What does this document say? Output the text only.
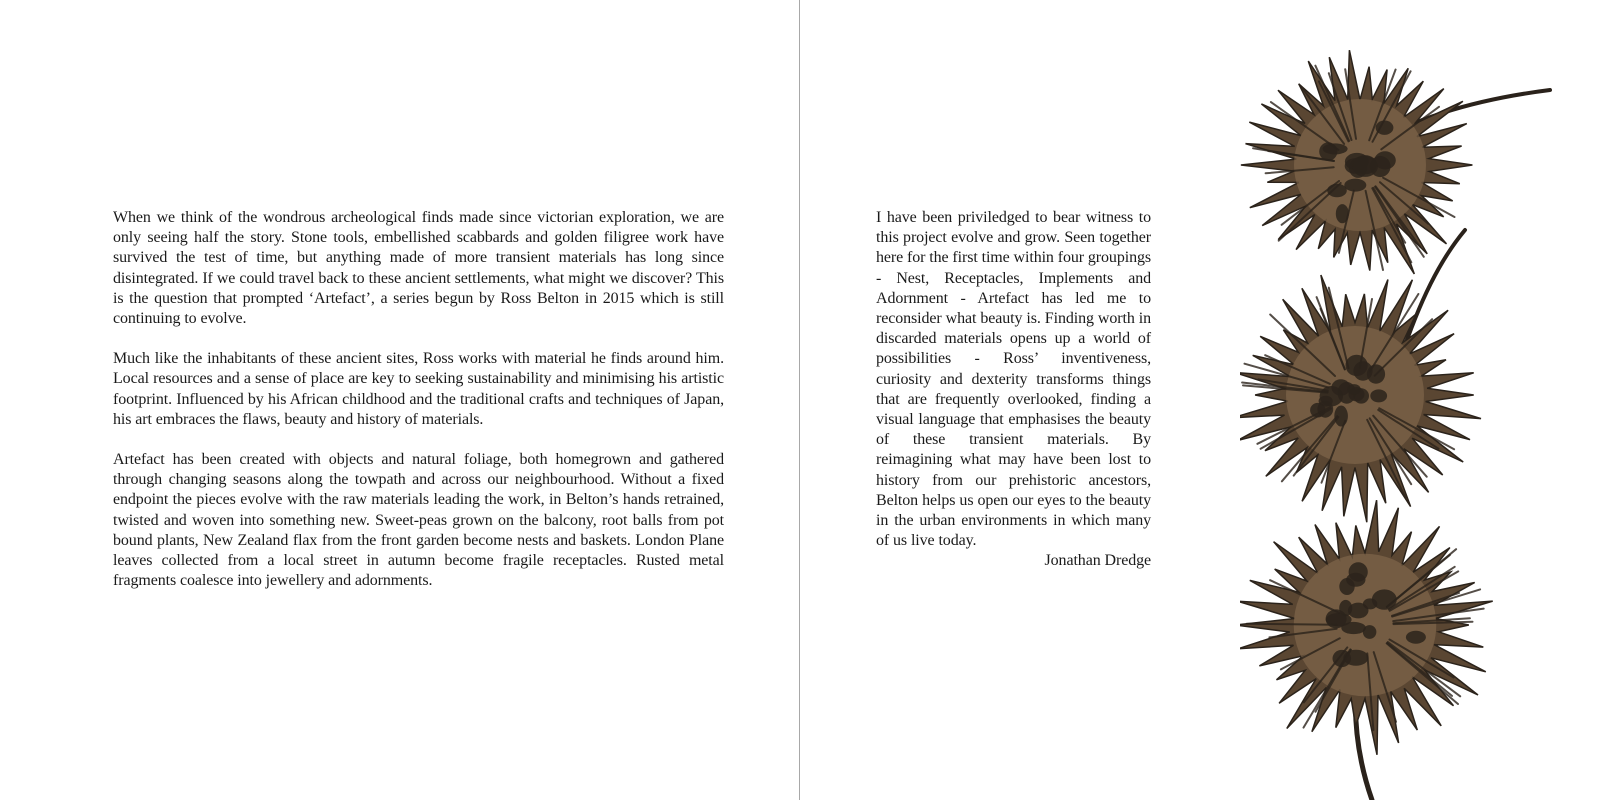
When we think of the wondrous archeological finds made since victorian exploration, we are only seeing half the story. Stone tools, embellished scabbards and golden filigree work have survived the test of time, but anything made of more transient materials has long since disintegrated. If we could travel back to these ancient settlements, what might we discover? This is the question that prompted ‘Artefact’, a series begun by Ross Belton in 2015 which is still continuing to evolve.

Much like the inhabitants of these ancient sites, Ross works with material he finds around him. Local resources and a sense of place are key to seeking sustainability and minimising his artistic footprint. Influenced by his African childhood and the traditional crafts and techniques of Japan, his art embraces the flaws, beauty and history of materials.

Artefact has been created with objects and natural foliage, both homegrown and gathered through changing seasons along the towpath and across our neighbourhood. Without a fixed endpoint the pieces evolve with the raw materials leading the work, in Belton’s hands retrained, twisted and woven into something new. Sweet-peas grown on the balcony, root balls from pot bound plants, New Zealand flax from the front garden become nests and baskets. London Plane leaves collected from a local street in autumn become fragile receptacles. Rusted metal fragments coalesce into jewellery and adornments.

I have been priviledged to bear witness to this project evolve and grow. Seen together here for the first time within four groupings - Nest, Receptacles, Implements and Adornment - Artefact has led me to reconsider what beauty is. Finding worth in discarded materials opens up a world of possibilities - Ross’ inventiveness, curiosity and dexterity transforms things that are frequently overlooked, finding a visual language that emphasises the beauty of these transient materials. By reimagining what may have been lost to history from our prehistoric ancestors, Belton helps us open our eyes to the beauty in the urban environments in which many of us live today.

Jonathan Dredge
